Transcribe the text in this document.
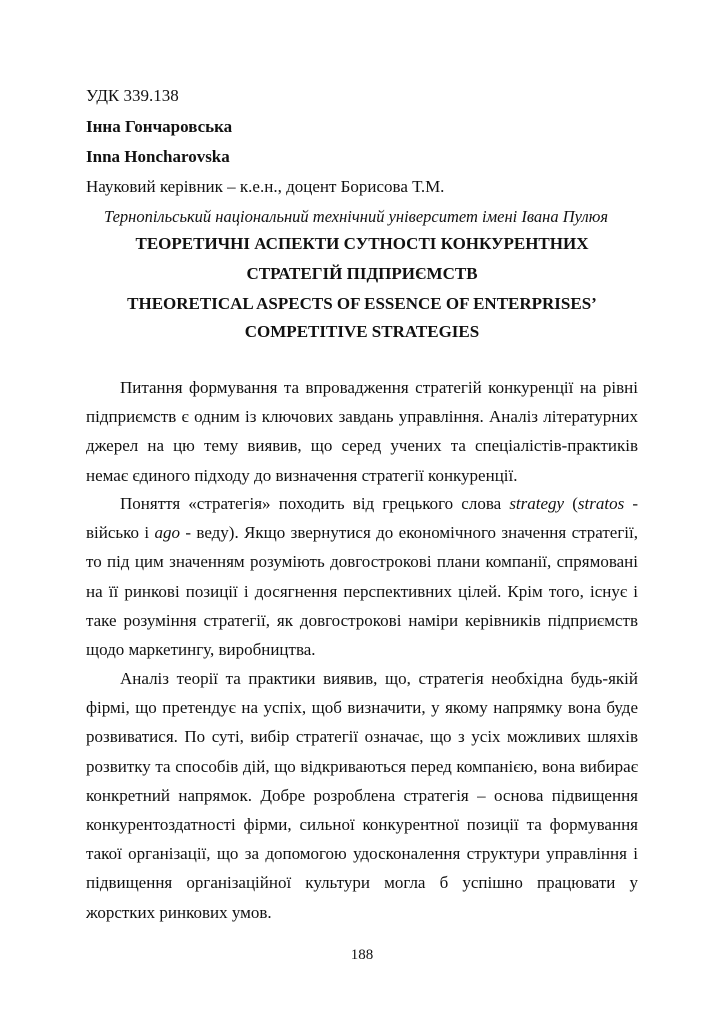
УДК 339.138
Інна Гончаровська
Inna Honcharovska
Науковий керівник – к.е.н., доцент Борисова Т.М.
Тернопільський національний технічний університет імені Івана Пулюя
ТЕОРЕТИЧНІ АСПЕКТИ СУТНОСТІ КОНКУРЕНТНИХ
СТРАТЕГІЙ ПІДПРИЄМСТВ
THEORETICAL ASPECTS OF ESSENCE OF ENTERPRISES’
COMPETITIVE STRATEGIES

Питання формування та впровадження стратегій конкуренції на рівні підприємств є одним із ключових завдань управління. Аналіз літературних джерел на цю тему виявив, що серед учених та спеціалістів-практиків немає єдиного підходу до визначення стратегії конкуренції.

Поняття «стратегія» походить від грецького слова strategy (stratos - військо і ago - веду). Якщо звернутися до економічного значення стратегії, то під цим значенням розуміють довгострокові плани компанії, спрямовані на її ринкові позиції і досягнення перспективних цілей. Крім того, існує і таке розуміння стратегії, як довгострокові наміри керівників підприємств щодо маркетингу, виробництва.

Аналіз теорії та практики виявив, що, стратегія необхідна будь-якій фірмі, що претендує на успіх, щоб визначити, у якому напрямку вона буде розвиватися. По суті, вибір стратегії означає, що з усіх можливих шляхів розвитку та способів дій, що відкриваються перед компанією, вона вибирає конкретний напрямок. Добре розроблена стратегія – основа підвищення конкурентоздатності фірми, сильної конкурентної позиції та формування такої організації, що за допомогою удосконалення структури управління і підвищення організаційної культури могла б успішно працювати у жорстких ринкових умов.

188
